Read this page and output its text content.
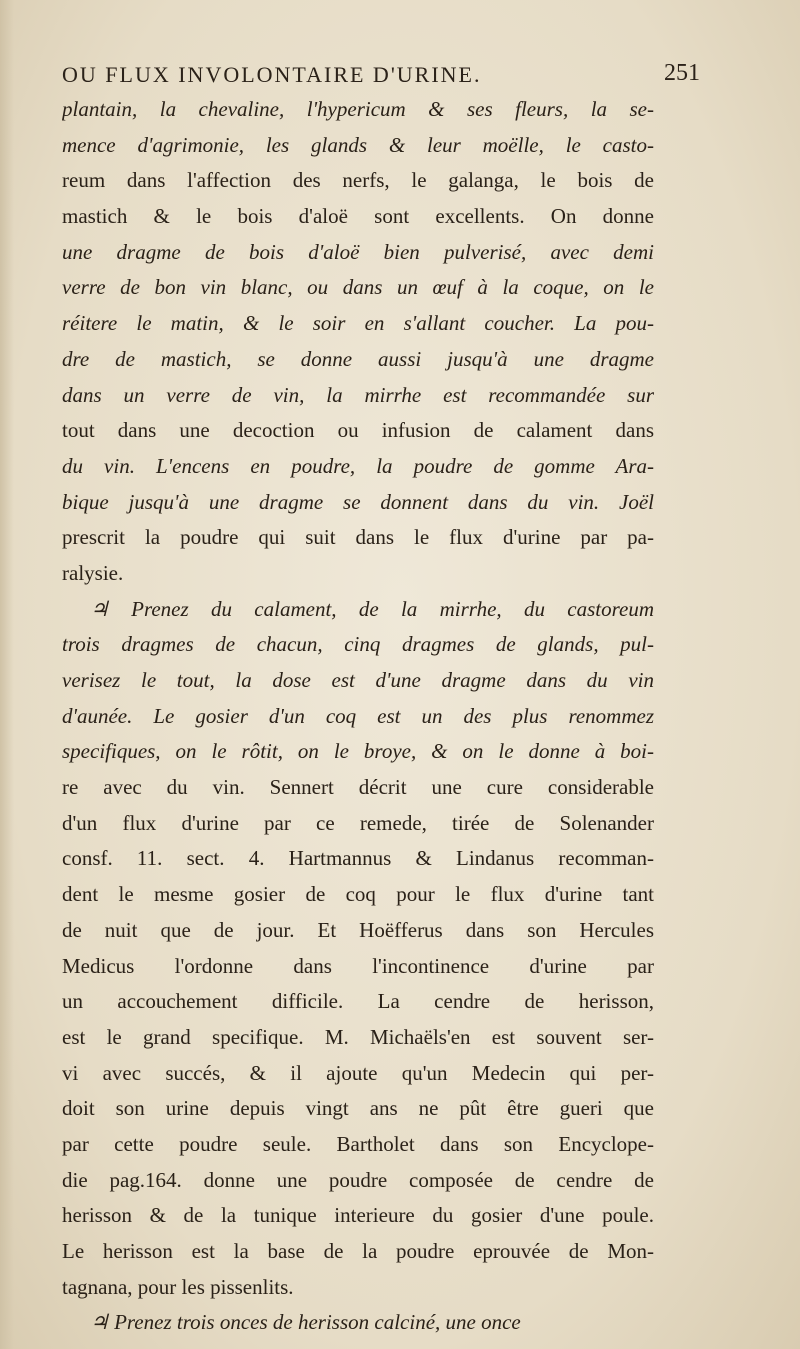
OU FLUX INVOLONTAIRE D'URINE.	251
plantain, la chevaline, l'hypericum & ses fleurs, la se-
mence d'agrimonie, les glands & leur moëlle, le casto-
reum dans l'affection des nerfs, le galanga, le bois de
mastich & le bois d'aloë sont excellents. On donne
une dragme de bois d'aloë bien pulverisé, avec demi
verre de bon vin blanc, ou dans un œuf à la coque, on le
réitere le matin, & le soir en s'allant coucher. La pou-
dre de mastich, se donne aussi jusqu'à une dragme
dans un verre de vin, la mirrhe est recommandée sur
tout dans une decoction ou infusion de calament dans
du vin. L'encens en poudre, la poudre de gomme Ara-
bique jusqu'à une dragme se donnent dans du vin. Joël
prescrit la poudre qui suit dans le flux d'urine par pa-
ralysie.
♃ Prenez du calament, de la mirrhe, du castoreum
trois dragmes de chacun, cinq dragmes de glands, pul-
verisez le tout, la dose est d'une dragme dans du vin
d'aunée. Le gosier d'un coq est un des plus renommez
specifiques, on le rôtit, on le broye, & on le donne à boi-
re avec du vin. Sennert décrit une cure considerable
d'un flux d'urine par ce remede, tirée de Solenander
consf. 11. sect. 4. Hartmannus & Lindanus recomman-
dent le mesme gosier de coq pour le flux d'urine tant
de nuit que de jour. Et Hoëfferus dans son Hercules
Medicus l'ordonne dans l'incontinence d'urine par
un accouchement difficile. La cendre de herisson,
est le grand specifique. M. Michaëls'en est souvent ser-
vi avec succés, & il ajoute qu'un Medecin qui per-
doit son urine depuis vingt ans ne pût être gueri que
par cette poudre seule. Bartholet dans son Encyclope-
die pag.164. donne une poudre composée de cendre de
herisson & de la tunique interieure du gosier d'une poule.
Le herisson est la base de la poudre eprouvée de Mon-
tagnana, pour les pissenlits.
♃ Prenez trois onces de herisson calciné, une once
